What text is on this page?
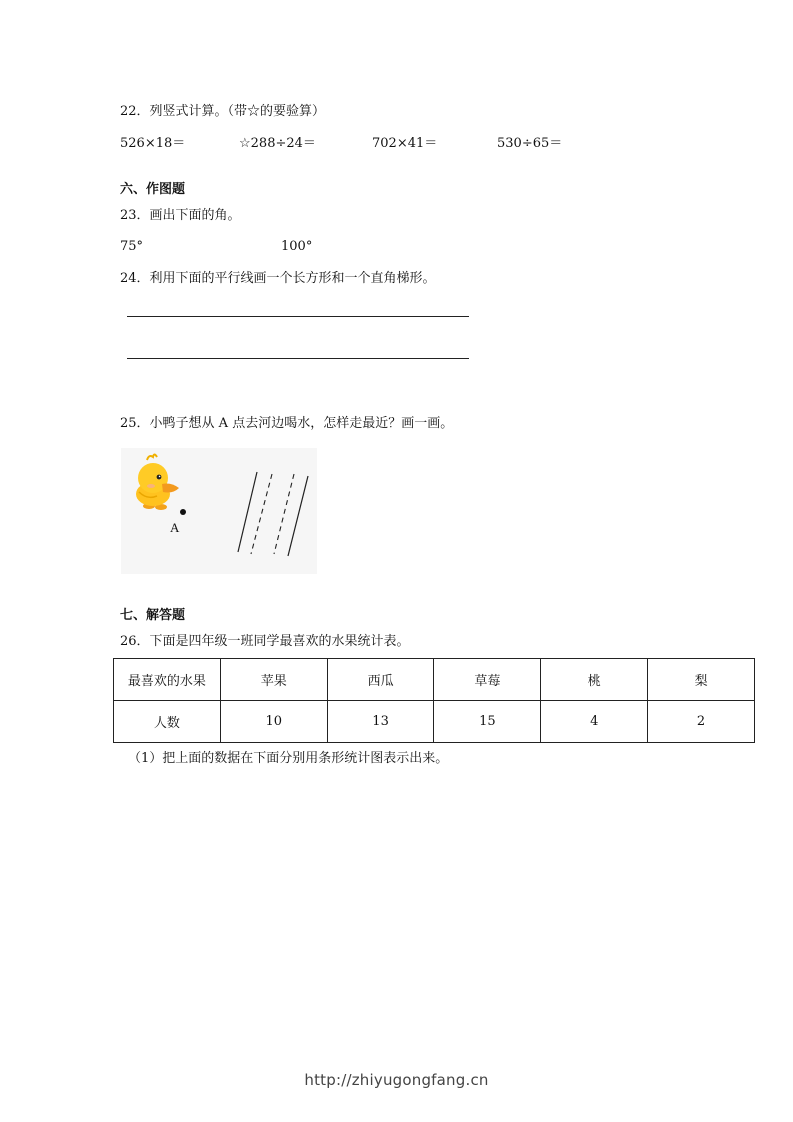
22．列竖式计算。（带☆的要验算）
526×18＝	☆288÷24＝	702×41＝	530÷65＝
六、作图题
23．画出下面的角。
75°	100°
24．利用下面的平行线画一个长方形和一个直角梯形。
25．小鸭子想从 A 点去河边喝水，怎样走最近？画一画。
A
七、解答题
26．下面是四年级一班同学最喜欢的水果统计表。
最喜欢的水果	苹果	西瓜	草莓	桃	梨
人数	10	13	15	4	2
（1）把上面的数据在下面分别用条形统计图表示出来。
http://zhiyugongfang.cn
